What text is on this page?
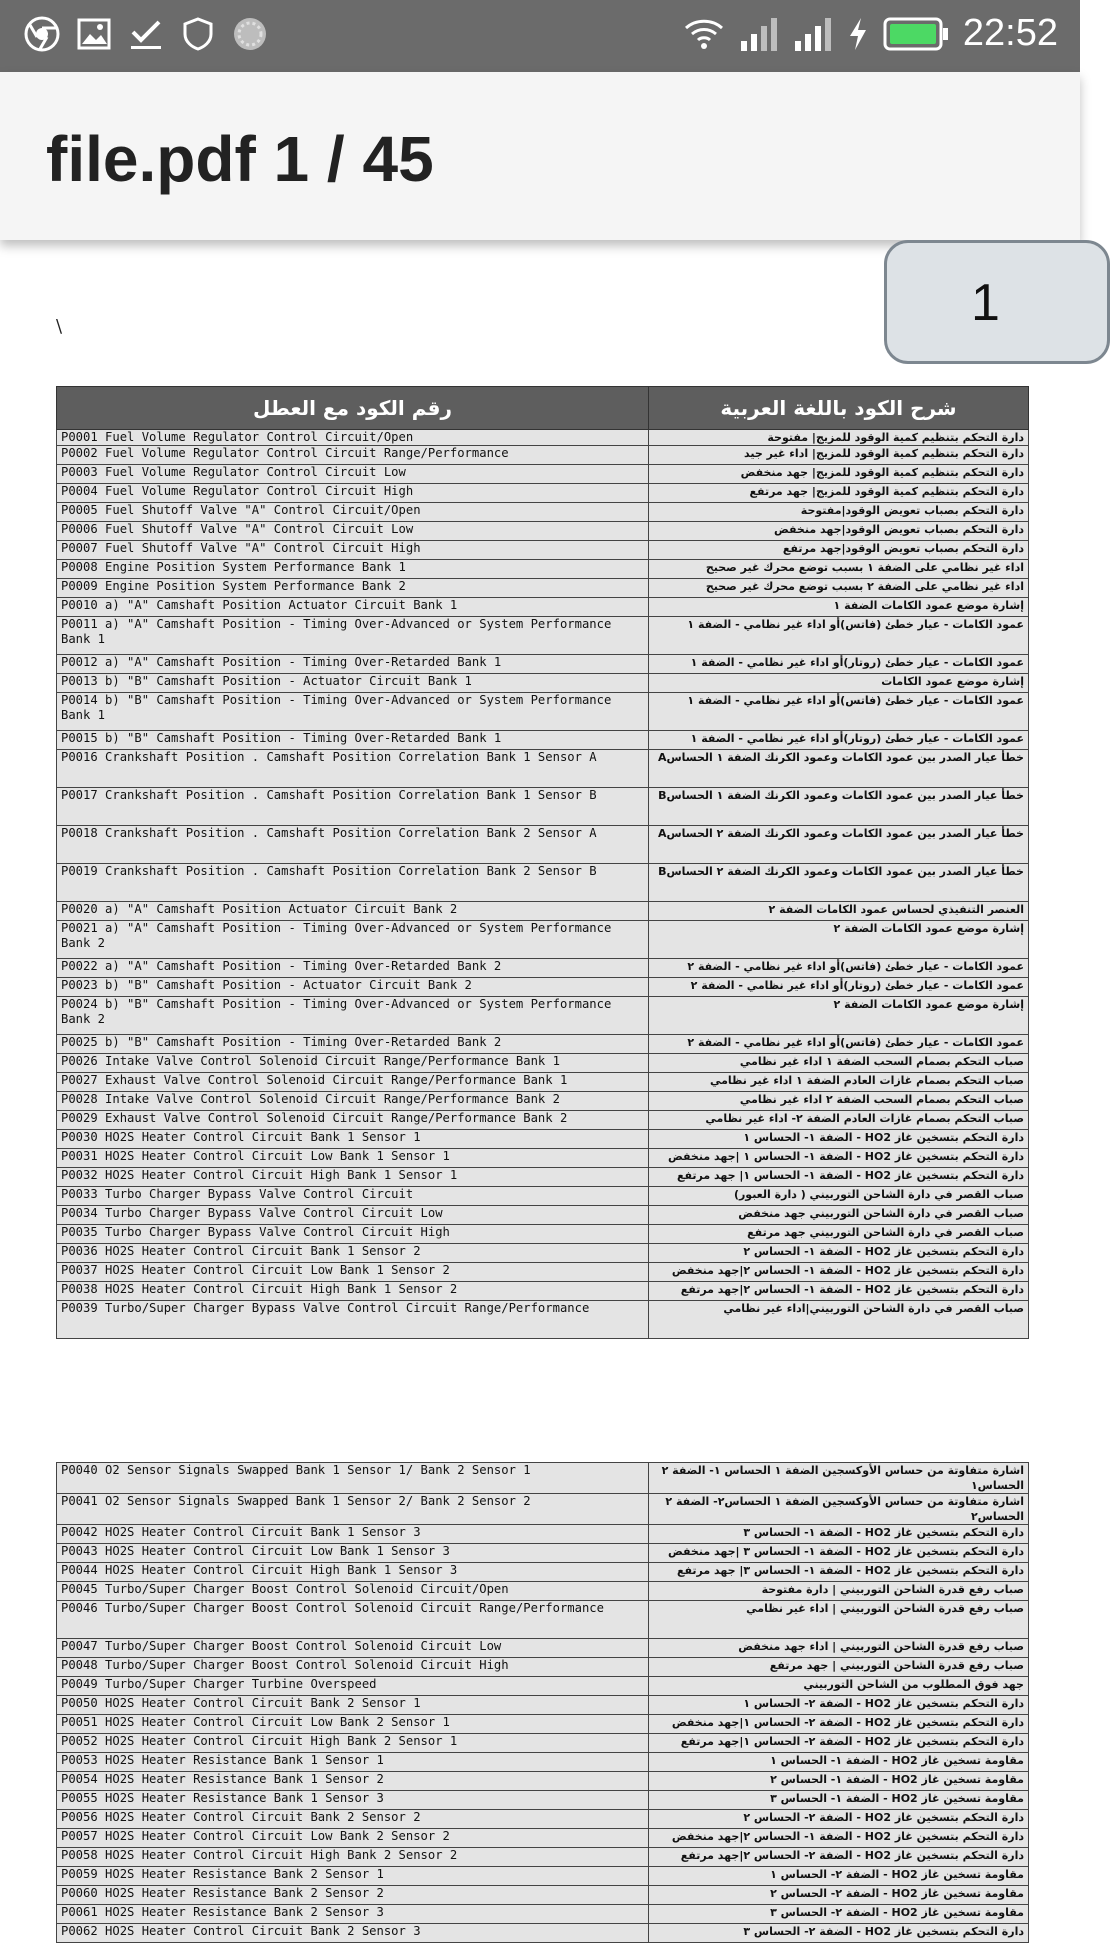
22:52
file.pdf 1 / 45
1
\
رقم الكود مع العطل	شرح الكود باللغة العربية
P0001 Fuel Volume Regulator Control Circuit/Open	دارة التحكم بتنظيم كمية الوقود للمزيج| مفتوحة
P0002 Fuel Volume Regulator Control Circuit Range/Performance	دارة التحكم بتنظيم كمية الوقود للمزيج| اداء غير جيد
P0003 Fuel Volume Regulator Control Circuit Low	دارة التحكم بتنظيم كمية الوقود للمزيج| جهد منخفض
P0004 Fuel Volume Regulator Control Circuit High	دارة التحكم بتنظيم كمية الوقود للمزيج| جهد مرتفع
P0005 Fuel Shutoff Valve "A" Control Circuit/Open	دارة التحكم بصباب تعويض الوقود|مفتوحة
P0006 Fuel Shutoff Valve "A" Control Circuit Low	دارة التحكم بصباب تعويض الوقود|جهد منخفض
P0007 Fuel Shutoff Valve "A" Control Circuit High	دارة التحكم بصباب تعويض الوقود|جهد مرتفع
P0008 Engine Position System Performance Bank 1	اداء غير نظامي على الضفة ١ بسبب توضع محرك غير صحيح
P0009 Engine Position System Performance Bank 2	اداء غير نظامي على الضفة ٢ بسبب توضع محرك غير صحيح
P0010 a) "A" Camshaft Position Actuator Circuit Bank 1	إشارة موضع عمود الكامات الضفة ١
P0011 a) "A" Camshaft Position - Timing Over-Advanced or System Performance Bank 1	عمود الكامات - عيار خطئ (فاتس)أو اداء غير نظامي - الضفة ١
P0012 a) "A" Camshaft Position - Timing Over-Retarded Bank 1	عمود الكامات - عيار خطئ (روتار)أو اداء غير نظامي - الضفة ١
P0013 b) "B" Camshaft Position - Actuator Circuit Bank 1	إشارة موضع عمود الكامات
P0014 b) "B" Camshaft Position - Timing Over-Advanced or System Performance Bank 1	عمود الكامات - عيار خطئ (فاتس)أو اداء غير نظامي - الضفة ١
P0015 b) "B" Camshaft Position - Timing Over-Retarded Bank 1	عمود الكامات - عيار خطئ (روتار)أو اداء غير نظامي - الضفة ١
P0016 Crankshaft Position . Camshaft Position Correlation Bank 1 Sensor A	خطأ عيار الصدر بين عمود الكامات وعمود الكرنك الضفة ١ الحساسA
P0017 Crankshaft Position . Camshaft Position Correlation Bank 1 Sensor B	خطأ عيار الصدر بين عمود الكامات وعمود الكرنك الضفة ١ الحساسB
P0018 Crankshaft Position . Camshaft Position Correlation Bank 2 Sensor A	خطأ عيار الصدر بين عمود الكامات وعمود الكرنك الضفة ٢ الحساسA
P0019 Crankshaft Position . Camshaft Position Correlation Bank 2 Sensor B	خطأ عيار الصدر بين عمود الكامات وعمود الكرنك الضفة ٢ الحساسB
P0020 a) "A" Camshaft Position Actuator Circuit Bank 2	العنصر التنفيذي لحساس عمود الكامات الضفة ٢
P0021 a) "A" Camshaft Position - Timing Over-Advanced or System Performance Bank 2	إشارة موضع عمود الكامات الضفة ٢
P0022 a) "A" Camshaft Position - Timing Over-Retarded Bank 2	عمود الكامات - عيار خطئ (فاتس)أو اداء غير نظامي - الضفة ٢
P0023 b) "B" Camshaft Position - Actuator Circuit Bank 2	عمود الكامات - عيار خطئ (روتار)أو اداء غير نظامي - الضفة ٢
P0024 b) "B" Camshaft Position - Timing Over-Advanced or System Performance Bank 2	إشارة موضع عمود الكامات الضفة ٢
P0025 b) "B" Camshaft Position - Timing Over-Retarded Bank 2	عمود الكامات - عيار خطئ (فاتس)أو اداء غير نظامي - الضفة ٢
P0026 Intake Valve Control Solenoid Circuit Range/Performance Bank 1	صباب التحكم بصمام السحب الضفة ١ اداء غير نظامي
P0027 Exhaust Valve Control Solenoid Circuit Range/Performance Bank 1	صباب التحكم بصمام غازات العادم الضفة ١ اداء غير نظامي
P0028 Intake Valve Control Solenoid Circuit Range/Performance Bank 2	صباب التحكم بصمام السحب الضفة ٢ اداء غير نظامي
P0029 Exhaust Valve Control Solenoid Circuit Range/Performance Bank 2	صباب التحكم بصمام غازات العادم الضفة ٢- اداء غير نظامي
P0030 HO2S Heater Control Circuit Bank 1 Sensor 1	دارة التحكم بتسخين غاز HO2 - الضفة ١- الحساس ١
P0031 HO2S Heater Control Circuit Low Bank 1 Sensor 1	دارة التحكم بتسخين غاز HO2 - الضفة ١- الحساس ١ |جهد منخفض
P0032 HO2S Heater Control Circuit High Bank 1 Sensor 1	دارة التحكم بتسخين غاز HO2 - الضفة ١- الحساس ١| جهد مرتفع
P0033 Turbo Charger Bypass Valve Control Circuit	صباب القصر في دارة الشاحن التوربيني ( دارة العبور)
P0034 Turbo Charger Bypass Valve Control Circuit Low	صباب القصر في دارة الشاحن التوربيني جهد منخفض
P0035 Turbo Charger Bypass Valve Control Circuit High	صباب القصر في دارة الشاحن التوربيني جهد مرتفع
P0036 HO2S Heater Control Circuit Bank 1 Sensor 2	دارة التحكم بتسخين غاز HO2 - الضفة ١- الحساس ٢
P0037 HO2S Heater Control Circuit Low Bank 1 Sensor 2	دارة التحكم بتسخين غاز HO2 - الضفة ١- الحساس ٢|جهد منخفض
P0038 HO2S Heater Control Circuit High Bank 1 Sensor 2	دارة التحكم بتسخين غاز HO2 - الضفة ١- الحساس ٢|جهد مرتفع
P0039 Turbo/Super Charger Bypass Valve Control Circuit Range/Performance	صباب القصر في دارة الشاحن التوربيني|اداء غير نظامي
P0040 O2 Sensor Signals Swapped Bank 1 Sensor 1/ Bank 2 Sensor 1	اشارة متفاوتة من حساس الأوكسجين الضفة ١ الحساس ١- الضفة ٢ الحساس١
P0041 O2 Sensor Signals Swapped Bank 1 Sensor 2/ Bank 2 Sensor 2	اشارة متفاوتة من حساس الأوكسجين الضفة ١ الحساس٢- الضفة ٢ الحساس٢
P0042 HO2S Heater Control Circuit Bank 1 Sensor 3	دارة التحكم بتسخين غاز HO2 - الضفة ١- الحساس ٣
P0043 HO2S Heater Control Circuit Low Bank 1 Sensor 3	دارة التحكم بتسخين غاز HO2 - الضفة ١- الحساس ٣ |جهد منخفض
P0044 HO2S Heater Control Circuit High Bank 1 Sensor 3	دارة التحكم بتسخين غاز HO2 - الضفة ١- الحساس ٣| جهد مرتفع
P0045 Turbo/Super Charger Boost Control Solenoid Circuit/Open	صباب رفع قدرة الشاحن التوربيني | دارة مفتوحة
P0046 Turbo/Super Charger Boost Control Solenoid Circuit Range/Performance	صباب رفع قدرة الشاحن التوربيني | اداء غير نظامي
P0047 Turbo/Super Charger Boost Control Solenoid Circuit Low	صباب رفع قدرة الشاحن التوربيني | اداء جهد منخفض
P0048 Turbo/Super Charger Boost Control Solenoid Circuit High	صباب رفع قدرة الشاحن التوربيني | جهد مرتفع
P0049 Turbo/Super Charger Turbine Overspeed	جهد فوق المطلوب من الشاحن التوربيني
P0050 HO2S Heater Control Circuit Bank 2 Sensor 1	دارة التحكم بتسخين غاز HO2 - الضفة ٢- الحساس ١
P0051 HO2S Heater Control Circuit Low Bank 2 Sensor 1	دارة التحكم بتسخين غاز HO2 - الضفة ٢- الحساس ١|جهد منخفض
P0052 HO2S Heater Control Circuit High Bank 2 Sensor 1	دارة التحكم بتسخين غاز HO2 - الضفة ٢- الحساس ١|جهد مرتفع
P0053 HO2S Heater Resistance Bank 1 Sensor 1	مقاومة تسخين غاز HO2 - الضفة ١- الحساس ١
P0054 HO2S Heater Resistance Bank 1 Sensor 2	مقاومة تسخين غاز HO2 - الضفة ١- الحساس ٢
P0055 HO2S Heater Resistance Bank 1 Sensor 3	مقاومة تسخين غاز HO2 - الضفة ١- الحساس ٣
P0056 HO2S Heater Control Circuit Bank 2 Sensor 2	دارة التحكم بتسخين غاز HO2 - الضفة ٢- الحساس ٢
P0057 HO2S Heater Control Circuit Low Bank 2 Sensor 2	دارة التحكم بتسخين غاز HO2 - الضفة ١- الحساس ٢|جهد منخفض
P0058 HO2S Heater Control Circuit High Bank 2 Sensor 2	دارة التحكم بتسخين غاز HO2 - الضفة ٢- الحساس ٢|جهد مرتفع
P0059 HO2S Heater Resistance Bank 2 Sensor 1	مقاومة تسخين غاز HO2 - الضفة ٢- الحساس ١
P0060 HO2S Heater Resistance Bank 2 Sensor 2	مقاومة تسخين غاز HO2 - الضفة ٢- الحساس ٢
P0061 HO2S Heater Resistance Bank 2 Sensor 3	مقاومة تسخين غاز HO2 - الضفة ٢- الحساس ٣
P0062 HO2S Heater Control Circuit Bank 2 Sensor 3	دارة التحكم بتسخين غاز HO2 - الضفة ٢- الحساس ٣
